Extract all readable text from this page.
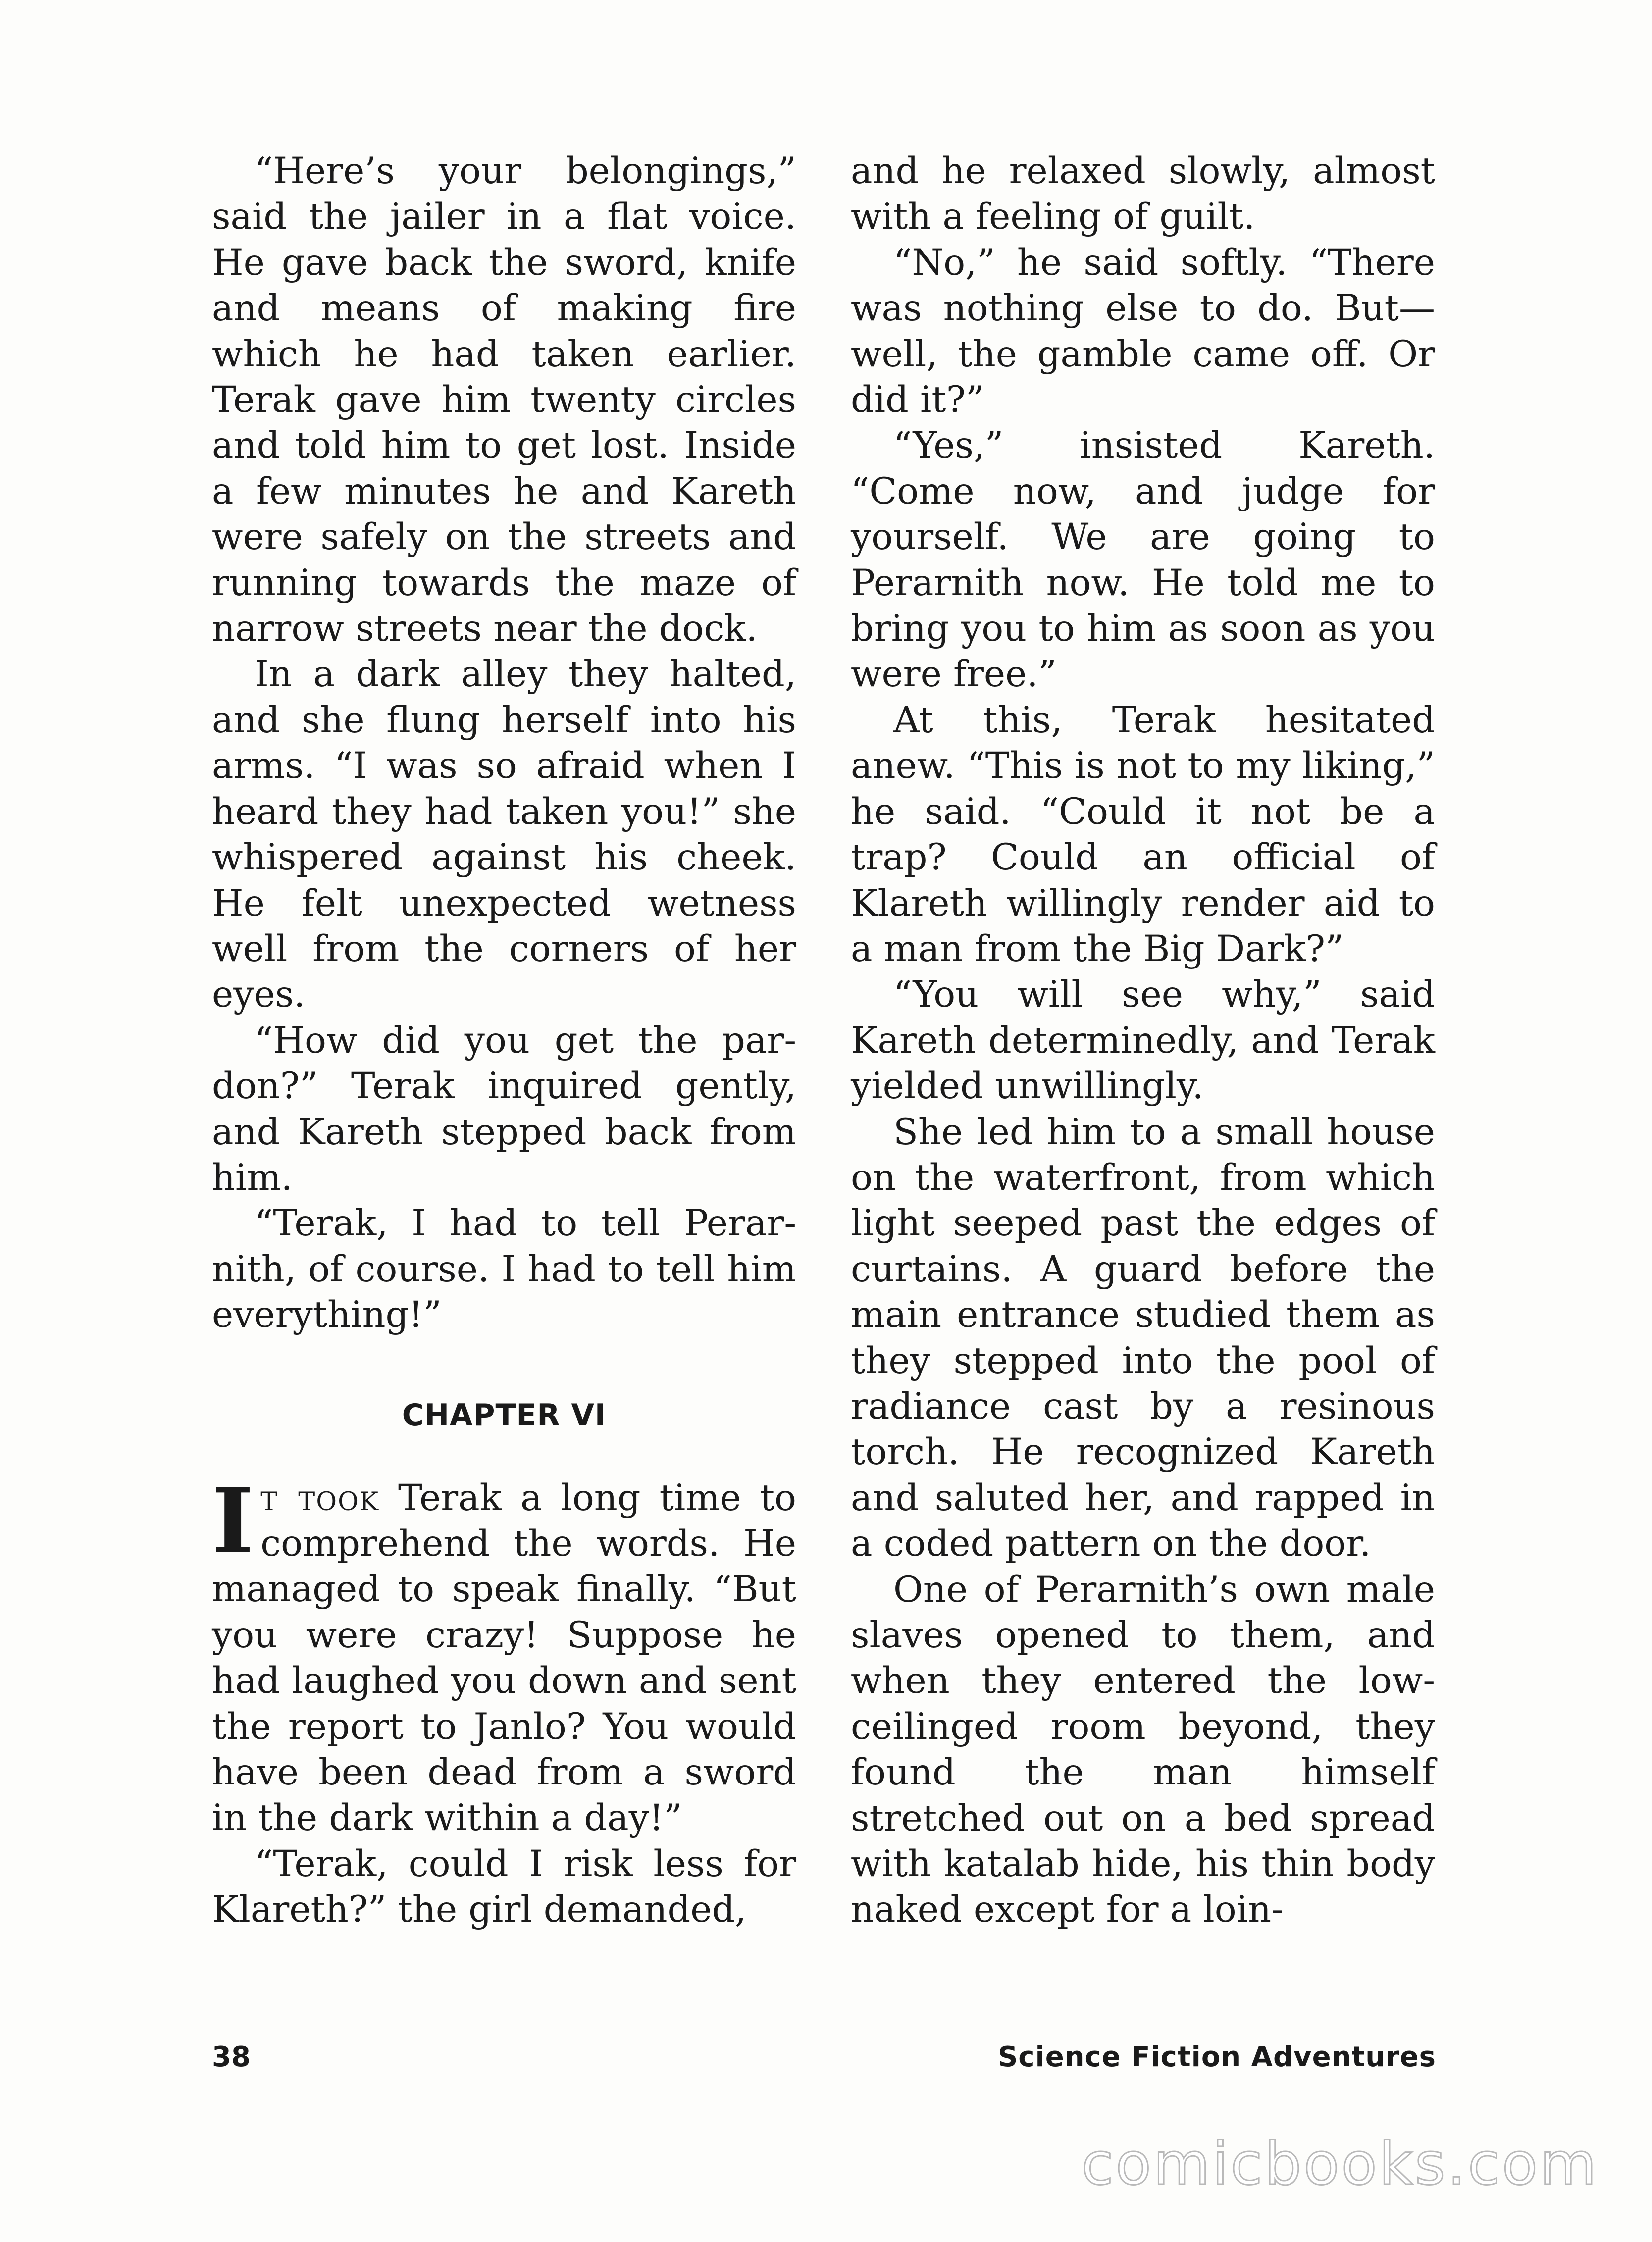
“Here’s your belongings,” said the jailer in a flat voice. He gave back the sword, knife and means of making fire which he had taken earlier. Terak gave him twenty circles and told him to get lost. Inside a few minutes he and Kareth were safely on the streets and running towards the maze of narrow streets near the dock.

In a dark alley they halted, and she flung herself into his arms. “I was so afraid when I heard they had taken you!” she whispered against his cheek. He felt unexpected wetness well from the corners of her eyes.

“How did you get the pardon?” Terak inquired gently, and Kareth stepped back from him.

“Terak, I had to tell Perarnith, of course. I had to tell him everything!”

CHAPTER VI

It took Terak a long time to comprehend the words. He managed to speak finally. “But you were crazy! Suppose he had laughed you down and sent the report to Janlo? You would have been dead from a sword in the dark within a day!”

“Terak, could I risk less for Klareth?” the girl demanded,

and he relaxed slowly, almost with a feeling of guilt.

“No,” he said softly. “There was nothing else to do. But— well, the gamble came off. Or did it?”

“Yes,” insisted Kareth. “Come now, and judge for yourself. We are going to Perarnith now. He told me to bring you to him as soon as you were free.”

At this, Terak hesitated anew. “This is not to my liking,” he said. “Could it not be a trap? Could an official of Klareth willingly render aid to a man from the Big Dark?”

“You will see why,” said Kareth determinedly, and Terak yielded unwillingly.

She led him to a small house on the waterfront, from which light seeped past the edges of curtains. A guard before the main entrance studied them as they stepped into the pool of radiance cast by a resinous torch. He recognized Kareth and saluted her, and rapped in a coded pattern on the door.

One of Perarnith’s own male slaves opened to them, and when they entered the low-ceilinged room beyond, they found the man himself stretched out on a bed spread with katalab hide, his thin body naked except for a loin-

38	Science Fiction Adventures
comicbooks.com
